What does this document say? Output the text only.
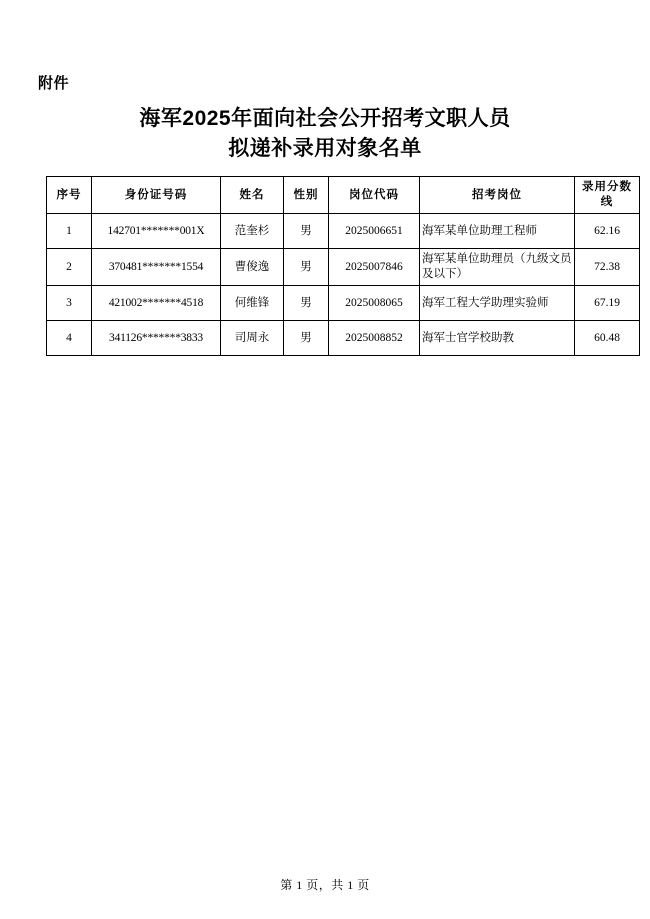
附件
海军2025年面向社会公开招考文职人员
拟递补录用对象名单
序号	身份证号码	姓名	性别	岗位代码	招考岗位	录用分数线
1	142701*******001X	范奎杉	男	2025006651	海军某单位助理工程师	62.16
2	370481*******1554	曹俊逸	男	2025007846	海军某单位助理员（九级文员及以下）	72.38
3	421002*******4518	何维锋	男	2025008065	海军工程大学助理实验师	67.19
4	341126*******3833	司周永	男	2025008852	海军士官学校助教	60.48
第 1 页，共 1 页
